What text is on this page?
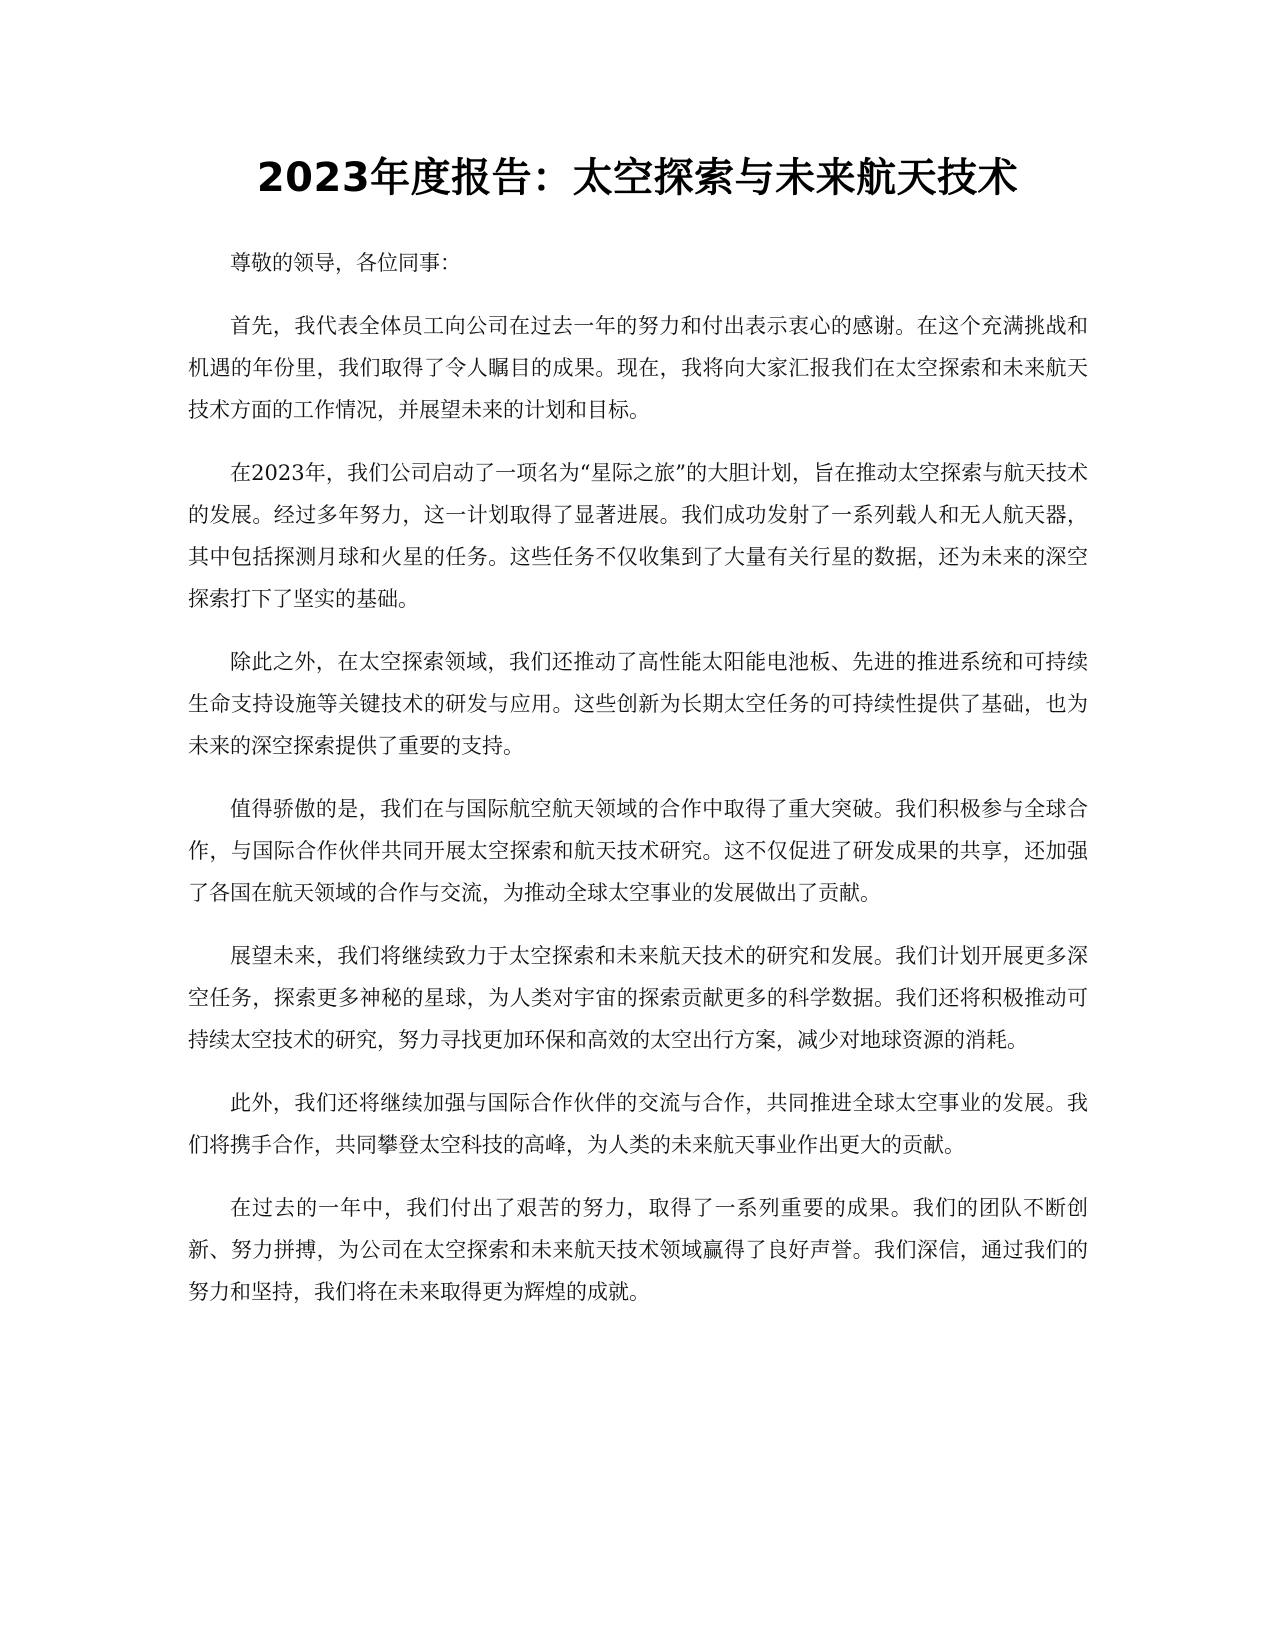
2023年度报告：太空探索与未来航天技术

尊敬的领导，各位同事：

首先，我代表全体员工向公司在过去一年的努力和付出表示衷心的感谢。在这个充满挑战和机遇的年份里，我们取得了令人瞩目的成果。现在，我将向大家汇报我们在太空探索和未来航天技术方面的工作情况，并展望未来的计划和目标。

在2023年，我们公司启动了一项名为“星际之旅”的大胆计划，旨在推动太空探索与航天技术的发展。经过多年努力，这一计划取得了显著进展。我们成功发射了一系列载人和无人航天器，其中包括探测月球和火星的任务。这些任务不仅收集到了大量有关行星的数据，还为未来的深空探索打下了坚实的基础。

除此之外，在太空探索领域，我们还推动了高性能太阳能电池板、先进的推进系统和可持续生命支持设施等关键技术的研发与应用。这些创新为长期太空任务的可持续性提供了基础，也为未来的深空探索提供了重要的支持。

值得骄傲的是，我们在与国际航空航天领域的合作中取得了重大突破。我们积极参与全球合作，与国际合作伙伴共同开展太空探索和航天技术研究。这不仅促进了研发成果的共享，还加强了各国在航天领域的合作与交流，为推动全球太空事业的发展做出了贡献。

展望未来，我们将继续致力于太空探索和未来航天技术的研究和发展。我们计划开展更多深空任务，探索更多神秘的星球，为人类对宇宙的探索贡献更多的科学数据。我们还将积极推动可持续太空技术的研究，努力寻找更加环保和高效的太空出行方案，减少对地球资源的消耗。

此外，我们还将继续加强与国际合作伙伴的交流与合作，共同推进全球太空事业的发展。我们将携手合作，共同攀登太空科技的高峰，为人类的未来航天事业作出更大的贡献。

在过去的一年中，我们付出了艰苦的努力，取得了一系列重要的成果。我们的团队不断创新、努力拼搏，为公司在太空探索和未来航天技术领域赢得了良好声誉。我们深信，通过我们的努力和坚持，我们将在未来取得更为辉煌的成就。
